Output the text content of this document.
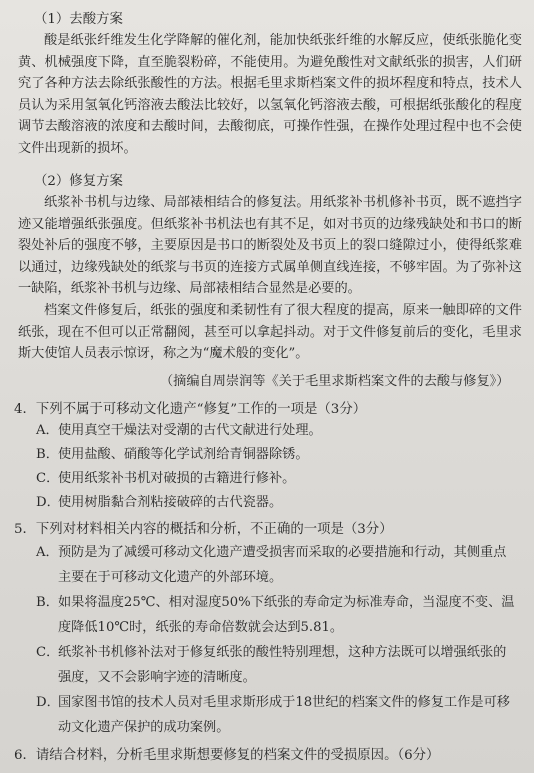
（1）去酸方案

酸是纸张纤维发生化学降解的催化剂，能加快纸张纤维的水解反应，使纸张脆化变黄、机械强度下降，直至脆裂粉碎，不能使用。为避免酸性对文献纸张的损害，人们研究了各种方法去除纸张酸性的方法。根据毛里求斯档案文件的损坏程度和特点，技术人员认为采用氢氧化钙溶液去酸法比较好，以氢氧化钙溶液去酸，可根据纸张酸化的程度调节去酸溶液的浓度和去酸时间，去酸彻底，可操作性强，在操作处理过程中也不会使文件出现新的损坏。

（2）修复方案

纸浆补书机与边缘、局部裱相结合的修复法。用纸浆补书机修补书页，既不遮挡字迹又能增强纸张强度。但纸浆补书机法也有其不足，如对书页的边缘残缺处和书口的断裂处补后的强度不够，主要原因是书口的断裂处及书页上的裂口缝隙过小，使得纸浆难以通过，边缘残缺处的纸浆与书页的连接方式属单侧直线连接，不够牢固。为了弥补这一缺陷，纸浆补书机与边缘、局部裱相结合显然是必要的。

档案文件修复后，纸张的强度和柔韧性有了很大程度的提高，原来一触即碎的文件纸张，现在不但可以正常翻阅，甚至可以拿起抖动。对于文件修复前后的变化，毛里求斯大使馆人员表示惊讶，称之为“魔术般的变化”。

（摘编自周崇润等《关于毛里求斯档案文件的去酸与修复》）
4．下列不属于可移动文化遗产“修复”工作的一项是（3分）
A．使用真空干燥法对受潮的古代文献进行处理。
B．使用盐酸、硝酸等化学试剂给青铜器除锈。
C．使用纸浆补书机对破损的古籍进行修补。
D．使用树脂黏合剂粘接破碎的古代瓷器。
5．下列对材料相关内容的概括和分析，不正确的一项是（3分）
A．预防是为了减缓可移动文化遗产遭受损害而采取的必要措施和行动，其侧重点
主要在于可移动文化遗产的外部环境。
B．如果将温度25℃、相对湿度50%下纸张的寿命定为标准寿命，当湿度不变、温
度降低10℃时，纸张的寿命倍数就会达到5.81。
C．纸浆补书机修补法对于修复纸张的酸性特别理想，这种方法既可以增强纸张的
强度，又不会影响字迹的清晰度。
D．国家图书馆的技术人员对毛里求斯形成于18世纪的档案文件的修复工作是可移
动文化遗产保护的成功案例。
6．请结合材料，分析毛里求斯想要修复的档案文件的受损原因。（6分）
